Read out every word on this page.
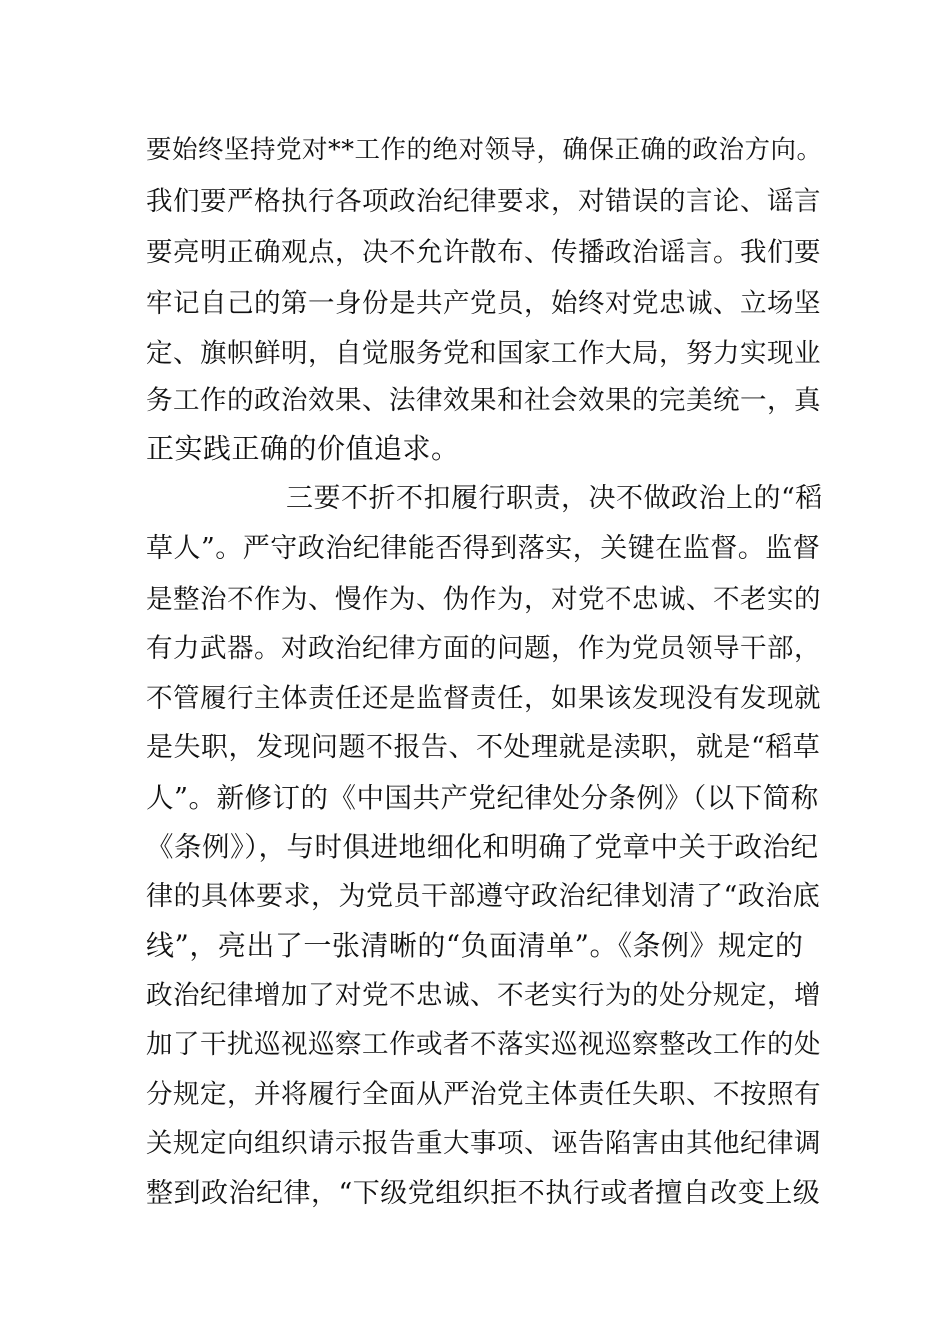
要始终坚持党对**工作的绝对领导，确保正确的政治方向。
我们要严格执行各项政治纪律要求，对错误的言论、谣言
要亮明正确观点，决不允许散布、传播政治谣言。我们要
牢记自己的第一身份是共产党员，始终对党忠诚、立场坚
定、旗帜鲜明，自觉服务党和国家工作大局，努力实现业
务工作的政治效果、法律效果和社会效果的完美统一，真
正实践正确的价值追求。
三要不折不扣履行职责，决不做政治上的“稻
草人”。严守政治纪律能否得到落实，关键在监督。监督
是整治不作为、慢作为、伪作为，对党不忠诚、不老实的
有力武器。对政治纪律方面的问题，作为党员领导干部，
不管履行主体责任还是监督责任，如果该发现没有发现就
是失职，发现问题不报告、不处理就是渎职，就是“稻草
人”。新修订的《中国共产党纪律处分条例》（以下简称
《条例》），与时俱进地细化和明确了党章中关于政治纪
律的具体要求，为党员干部遵守政治纪律划清了“政治底
线”，亮出了一张清晰的“负面清单”。《条例》规定的
政治纪律增加了对党不忠诚、不老实行为的处分规定，增
加了干扰巡视巡察工作或者不落实巡视巡察整改工作的处
分规定，并将履行全面从严治党主体责任失职、不按照有
关规定向组织请示报告重大事项、诬告陷害由其他纪律调
整到政治纪律，“下级党组织拒不执行或者擅自改变上级
